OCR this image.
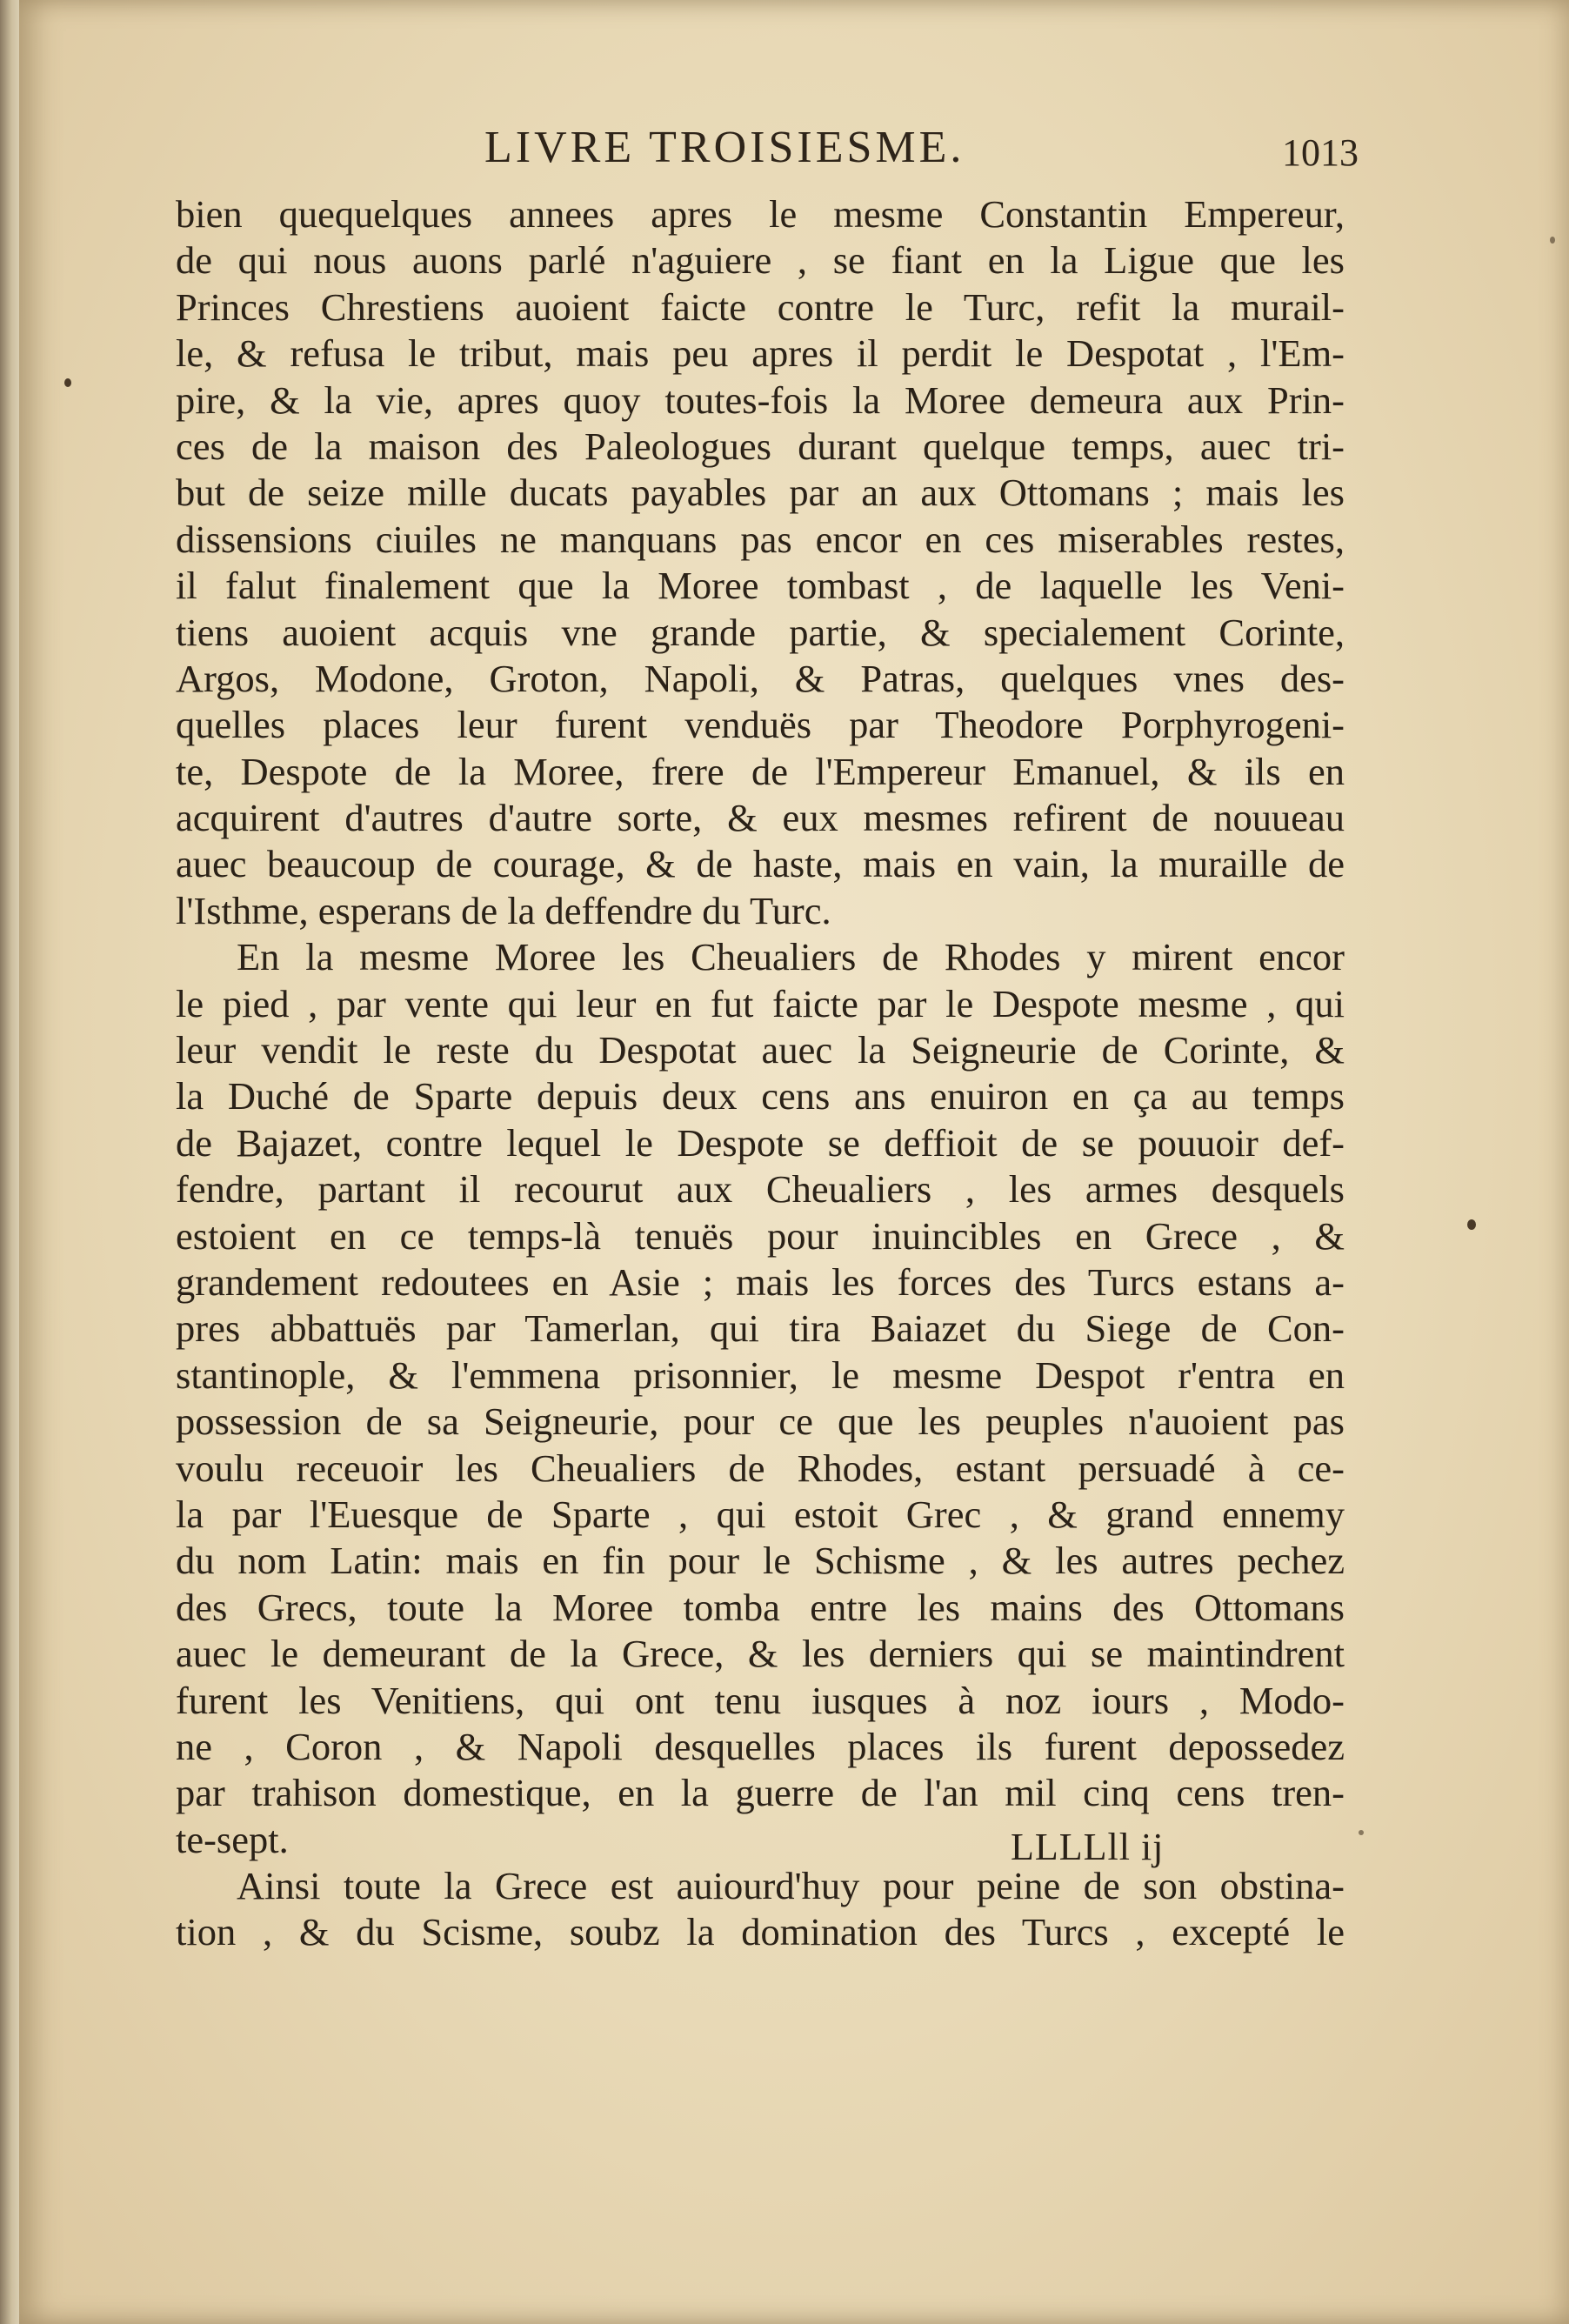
LIVRE TROISIESME.	1013
bien quequelques annees apres le mesme Constantin Empereur,
de qui nous auons parlé n'aguiere , se fiant en la Ligue que les
Princes Chrestiens auoient faicte contre le Turc, refit la murail-
le, & refusa le tribut, mais peu apres il perdit le Despotat , l'Em-
pire, & la vie, apres quoy toutes-fois la Moree demeura aux Prin-
ces de la maison des Paleologues durant quelque temps, auec tri-
but de seize mille ducats payables par an aux Ottomans ; mais les
dissensions ciuiles ne manquans pas encor en ces miserables restes,
il falut finalement que la Moree tombast , de laquelle les Veni-
tiens auoient acquis vne grande partie, & specialement Corinte,
Argos, Modone, Groton, Napoli, & Patras, quelques vnes des-
quelles places leur furent venduës par Theodore Porphyrogeni-
te, Despote de la Moree, frere de l'Empereur Emanuel, & ils en
acquirent d'autres d'autre sorte, & eux mesmes refirent de nouueau
auec beaucoup de courage, & de haste, mais en vain, la muraille de
l'Isthme, esperans de la deffendre du Turc.
En la mesme Moree les Cheualiers de Rhodes y mirent encor
le pied , par vente qui leur en fut faicte par le Despote mesme , qui
leur vendit le reste du Despotat auec la Seigneurie de Corinte, &
la Duché de Sparte depuis deux cens ans enuiron en ça au temps
de Bajazet, contre lequel le Despote se deffioit de se pouuoir def-
fendre, partant il recourut aux Cheualiers , les armes desquels
estoient en ce temps-là tenuës pour inuincibles en Grece , &
grandement redoutees en Asie ; mais les forces des Turcs estans a-
pres abbattuës par Tamerlan, qui tira Baiazet du Siege de Con-
stantinople, & l'emmena prisonnier, le mesme Despot r'entra en
possession de sa Seigneurie, pour ce que les peuples n'auoient pas
voulu receuoir les Cheualiers de Rhodes, estant persuadé à ce-
la par l'Euesque de Sparte , qui estoit Grec , & grand ennemy
du nom Latin: mais en fin pour le Schisme , & les autres pechez
des Grecs, toute la Moree tomba entre les mains des Ottomans
auec le demeurant de la Grece, & les derniers qui se maintindrent
furent les Venitiens, qui ont tenu iusques à noz iours , Modo-
ne , Coron , & Napoli desquelles places ils furent depossedez
par trahison domestique, en la guerre de l'an mil cinq cens tren-
te-sept.
Ainsi toute la Grece est auiourd'huy pour peine de son obstina-
tion , & du Scisme, soubz la domination des Turcs , excepté le
LLLLll ij
